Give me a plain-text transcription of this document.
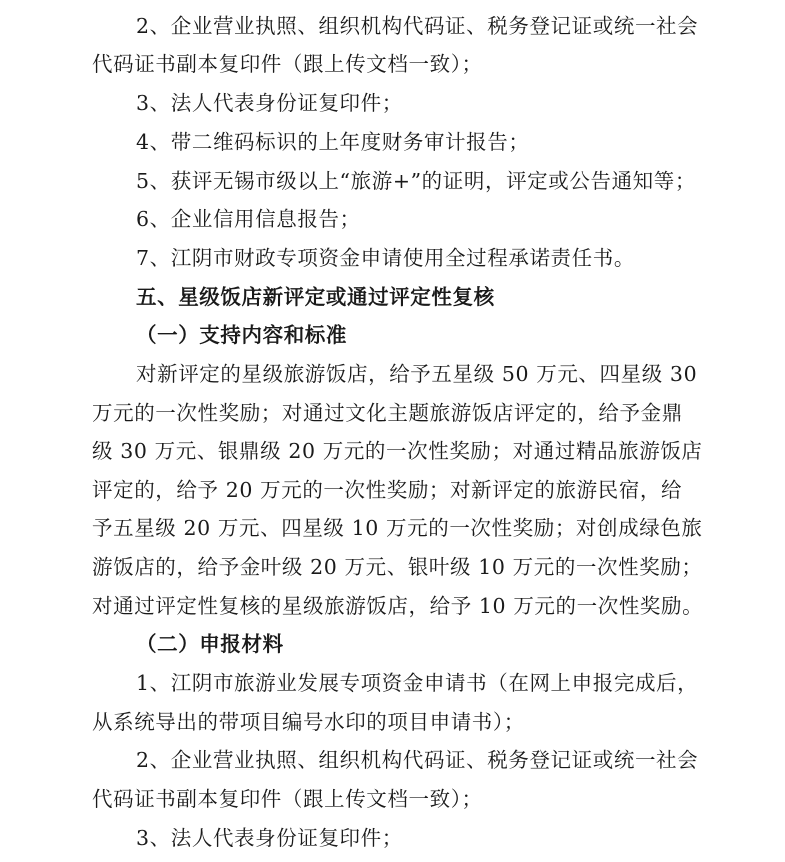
2、企业营业执照、组织机构代码证、税务登记证或统一社会
代码证书副本复印件（跟上传文档一致）；
3、法人代表身份证复印件；
4、带二维码标识的上年度财务审计报告；
5、获评无锡市级以上“旅游+”的证明，评定或公告通知等；
6、企业信用信息报告；
7、江阴市财政专项资金申请使用全过程承诺责任书。
五、星级饭店新评定或通过评定性复核
（一）支持内容和标准
对新评定的星级旅游饭店，给予五星级 50 万元、四星级 30
万元的一次性奖励；对通过文化主题旅游饭店评定的，给予金鼎
级 30 万元、银鼎级 20 万元的一次性奖励；对通过精品旅游饭店
评定的，给予 20 万元的一次性奖励；对新评定的旅游民宿，给
予五星级 20 万元、四星级 10 万元的一次性奖励；对创成绿色旅
游饭店的，给予金叶级 20 万元、银叶级 10 万元的一次性奖励；
对通过评定性复核的星级旅游饭店，给予 10 万元的一次性奖励。
（二）申报材料
1、江阴市旅游业发展专项资金申请书（在网上申报完成后，
从系统导出的带项目编号水印的项目申请书）；
2、企业营业执照、组织机构代码证、税务登记证或统一社会
代码证书副本复印件（跟上传文档一致）；
3、法人代表身份证复印件；
